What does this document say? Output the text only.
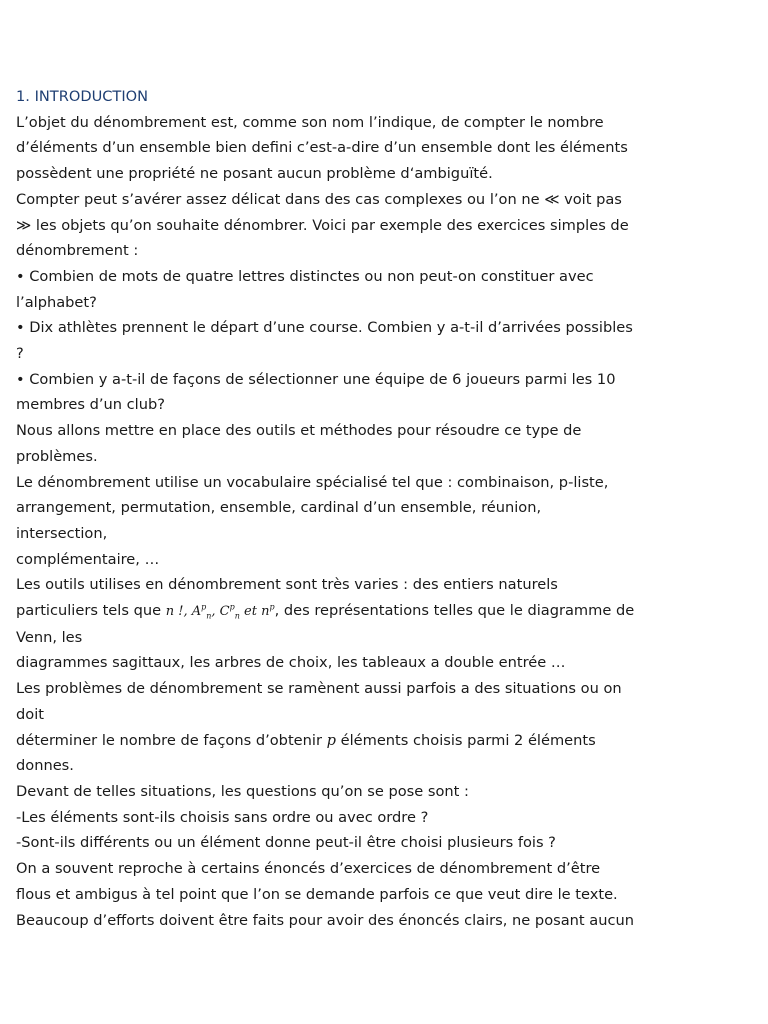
1. INTRODUCTION
L’objet du dénombrement est, comme son nom l’indique, de compter le nombre
d’éléments d’un ensemble bien defini c’est-a-dire d’un ensemble dont les éléments
possèdent une propriété ne posant aucun problème d‘ambiguïté.
Compter peut s’avérer assez délicat dans des cas complexes ou l’on ne ≪ voit pas
≫ les objets qu’on souhaite dénombrer. Voici par exemple des exercices simples de
dénombrement :
• Combien de mots de quatre lettres distinctes ou non peut-on constituer avec
l’alphabet?
• Dix athlètes prennent le départ d’une course. Combien y a-t-il d’arrivées possibles
?
• Combien y a-t-il de façons de sélectionner une équipe de 6 joueurs parmi les 10
membres d’un club?
Nous allons mettre en place des outils et méthodes pour résoudre ce type de
problèmes.
Le dénombrement utilise un vocabulaire spécialisé tel que : combinaison, p-liste,
arrangement, permutation, ensemble, cardinal d’un ensemble, réunion,
intersection,
complémentaire, …
Les outils utilises en dénombrement sont très varies : des entiers naturels
particuliers tels que n !, $A^p_n$, $C^p_n$ et $n^p$, des représentations telles que le diagramme de
Venn, les
diagrammes sagittaux, les arbres de choix, les tableaux a double entrée …
Les problèmes de dénombrement se ramènent aussi parfois a des situations ou on
doit
déterminer le nombre de façons d’obtenir p éléments choisis parmi 2 éléments
donnes.
Devant de telles situations, les questions qu’on se pose sont :
-Les éléments sont-ils choisis sans ordre ou avec ordre ?
-Sont-ils différents ou un élément donne peut-il être choisi plusieurs fois ?
On a souvent reproche à certains énoncés d’exercices de dénombrement d’être
flous et ambigus à tel point que l’on se demande parfois ce que veut dire le texte.
Beaucoup d’efforts doivent être faits pour avoir des énoncés clairs, ne posant aucun
